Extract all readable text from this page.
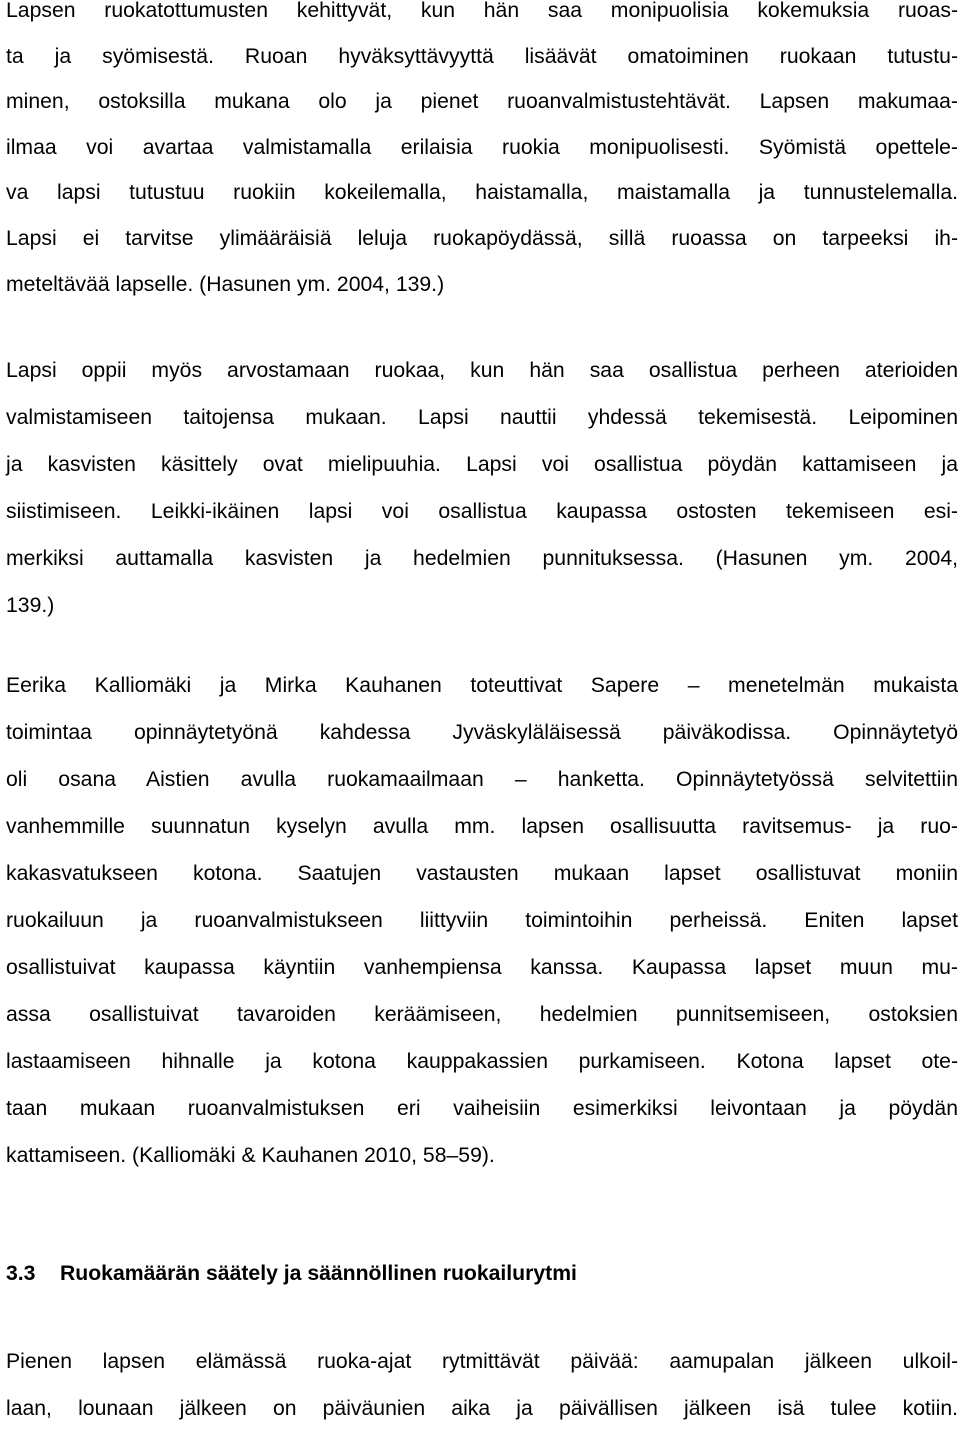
Lapsen ruokatottumusten kehittyvät, kun hän saa monipuolisia kokemuksia ruoas-
ta ja syömisestä. Ruoan hyväksyttävyyttä lisäävät omatoiminen ruokaan tutustu-
minen, ostoksilla mukana olo ja pienet ruoanvalmistustehtävät. Lapsen makumaa-
ilmaa voi avartaa valmistamalla erilaisia ruokia monipuolisesti. Syömistä opettele-
va lapsi tutustuu ruokiin kokeilemalla, haistamalla, maistamalla ja tunnustelemalla.
Lapsi ei tarvitse ylimääräisiä leluja ruokapöydässä, sillä ruoassa on tarpeeksi ih-
meteltävää lapselle. (Hasunen ym. 2004, 139.)
Lapsi oppii myös arvostamaan ruokaa, kun hän saa osallistua perheen aterioiden
valmistamiseen taitojensa mukaan. Lapsi nauttii yhdessä tekemisestä. Leipominen
ja kasvisten käsittely ovat mielipuuhia. Lapsi voi osallistua pöydän kattamiseen ja
siistimiseen. Leikki-ikäinen lapsi voi osallistua kaupassa ostosten tekemiseen esi-
merkiksi auttamalla kasvisten ja hedelmien punnituksessa. (Hasunen ym. 2004,
139.)
Eerika Kalliomäki ja Mirka Kauhanen toteuttivat Sapere – menetelmän mukaista
toimintaa opinnäytetyönä kahdessa Jyväskyläläisessä päiväkodissa. Opinnäytetyö
oli osana Aistien avulla ruokamaailmaan – hanketta. Opinnäytetyössä selvitettiin
vanhemmille suunnatun kyselyn avulla mm. lapsen osallisuutta ravitsemus- ja ruo-
kakasvatukseen kotona. Saatujen vastausten mukaan lapset osallistuvat moniin
ruokailuun ja ruoanvalmistukseen liittyviin toimintoihin perheissä. Eniten lapset
osallistuivat kaupassa käyntiin vanhempiensa kanssa. Kaupassa lapset muun mu-
assa osallistuivat tavaroiden keräämiseen, hedelmien punnitsemiseen, ostoksien
lastaamiseen hihnalle ja kotona kauppakassien purkamiseen. Kotona lapset ote-
taan mukaan ruoanvalmistuksen eri vaiheisiin esimerkiksi leivontaan ja pöydän
kattamiseen. (Kalliomäki & Kauhanen 2010, 58–59).
3.3 Ruokamäärän säätely ja säännöllinen ruokailurytmi
Pienen lapsen elämässä ruoka-ajat rytmittävät päivää: aamupalan jälkeen ulkoil-
laan, lounaan jälkeen on päiväunien aika ja päivällisen jälkeen isä tulee kotiin.
